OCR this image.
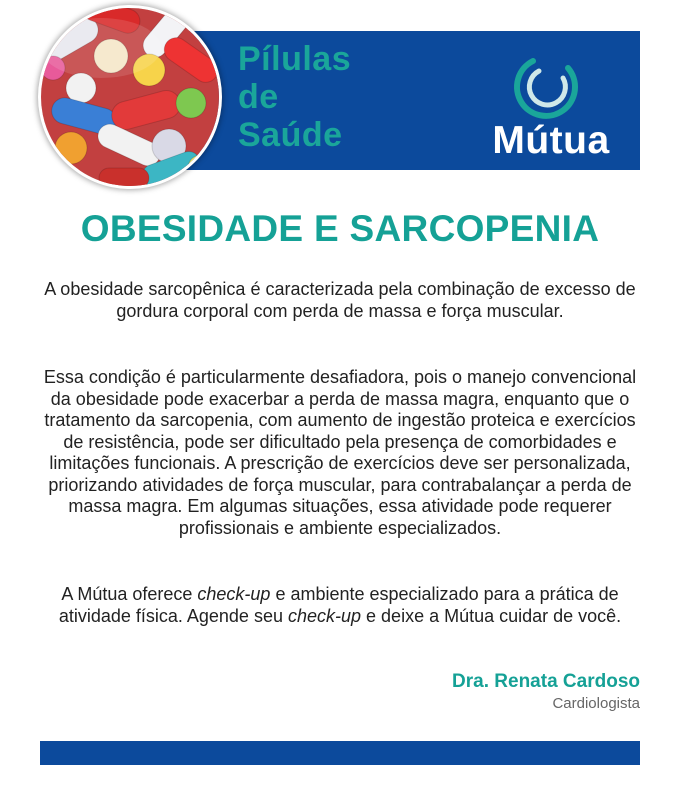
Pílulas
de
Saúde	Mútua
OBESIDADE E SARCOPENIA
A obesidade sarcopênica é caracterizada pela combinação de excesso de gordura corporal com perda de massa e força muscular.
Essa condição é particularmente desafiadora, pois o manejo convencional da obesidade pode exacerbar a perda de massa magra, enquanto que o tratamento da sarcopenia, com aumento de ingestão proteica e exercícios de resistência, pode ser dificultado pela presença de comorbidades e limitações funcionais. A prescrição de exercícios deve ser personalizada, priorizando atividades de força muscular, para contrabalançar a perda de massa magra. Em algumas situações, essa atividade pode requerer profissionais e ambiente especializados.
A Mútua oferece check-up e ambiente especializado para a prática de atividade física. Agende seu check-up e deixe a Mútua cuidar de você.
Dra. Renata Cardoso
Cardiologista
